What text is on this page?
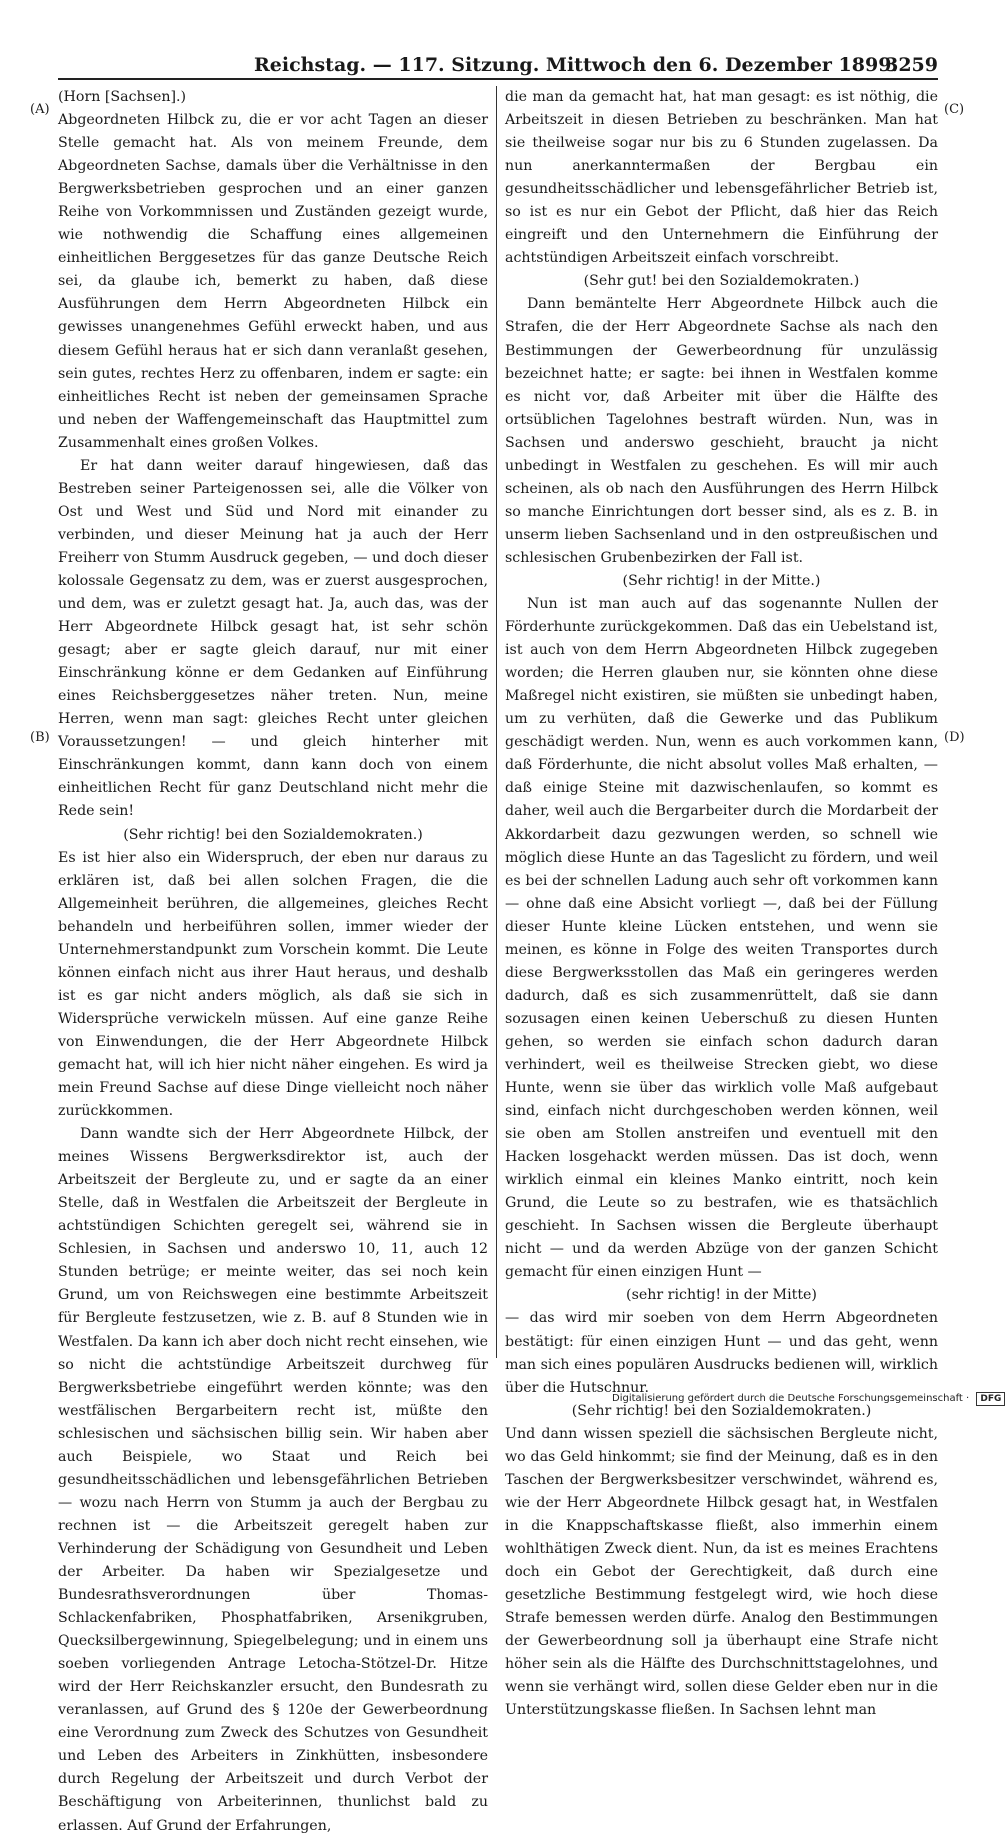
Reichstag. — 117. Sitzung. Mittwoch den 6. Dezember 1899.
3259
(A)
(B)
(C)
(D)

(Horn [Sachsen].)

Abgeordneten Hilbck zu, die er vor acht Tagen an dieser Stelle gemacht hat. Als von meinem Freunde, dem Abgeordneten Sachse, damals über die Verhältnisse in den Bergwerksbetrieben gesprochen und an einer ganzen Reihe von Vorkommnissen und Zuständen gezeigt wurde, wie nothwendig die Schaffung eines allgemeinen einheitlichen Berggesetzes für das ganze Deutsche Reich sei, da glaube ich, bemerkt zu haben, daß diese Ausführungen dem Herrn Abgeordneten Hilbck ein gewisses unangenehmes Gefühl erweckt haben, und aus diesem Gefühl heraus hat er sich dann veranlaßt gesehen, sein gutes, rechtes Herz zu offenbaren, indem er sagte: ein einheitliches Recht ist neben der gemeinsamen Sprache und neben der Waffengemeinschaft das Hauptmittel zum Zusammenhalt eines großen Volkes.

Er hat dann weiter darauf hingewiesen, daß das Bestreben seiner Parteigenossen sei, alle die Völker von Ost und West und Süd und Nord mit einander zu verbinden, und dieser Meinung hat ja auch der Herr Freiherr von Stumm Ausdruck gegeben, — und doch dieser kolossale Gegensatz zu dem, was er zuerst ausgesprochen, und dem, was er zuletzt gesagt hat. Ja, auch das, was der Herr Abgeordnete Hilbck gesagt hat, ist sehr schön gesagt; aber er sagte gleich darauf, nur mit einer Einschränkung könne er dem Gedanken auf Einführung eines Reichsberggesetzes näher treten. Nun, meine Herren, wenn man sagt: gleiches Recht unter gleichen Voraussetzungen! — und gleich hinterher mit Einschränkungen kommt, dann kann doch von einem einheitlichen Recht für ganz Deutschland nicht mehr die Rede sein!

(Sehr richtig! bei den Sozialdemokraten.)

Es ist hier also ein Widerspruch, der eben nur daraus zu erklären ist, daß bei allen solchen Fragen, die die Allgemeinheit berühren, die allgemeines, gleiches Recht behandeln und herbeiführen sollen, immer wieder der Unternehmerstandpunkt zum Vorschein kommt. Die Leute können einfach nicht aus ihrer Haut heraus, und deshalb ist es gar nicht anders möglich, als daß sie sich in Widersprüche verwickeln müssen. Auf eine ganze Reihe von Einwendungen, die der Herr Abgeordnete Hilbck gemacht hat, will ich hier nicht näher eingehen. Es wird ja mein Freund Sachse auf diese Dinge vielleicht noch näher zurückkommen.

Dann wandte sich der Herr Abgeordnete Hilbck, der meines Wissens Bergwerksdirektor ist, auch der Arbeitszeit der Bergleute zu, und er sagte da an einer Stelle, daß in Westfalen die Arbeitszeit der Bergleute in achtstündigen Schichten geregelt sei, während sie in Schlesien, in Sachsen und anderswo 10, 11, auch 12 Stunden betrüge; er meinte weiter, das sei noch kein Grund, um von Reichswegen eine bestimmte Arbeitszeit für Bergleute festzusetzen, wie z. B. auf 8 Stunden wie in Westfalen. Da kann ich aber doch nicht recht einsehen, wie so nicht die achtstündige Arbeitszeit durchweg für Bergwerksbetriebe eingeführt werden könnte; was den westfälischen Bergarbeitern recht ist, müßte den schlesischen und sächsischen billig sein. Wir haben aber auch Beispiele, wo Staat und Reich bei gesundheitsschädlichen und lebensgefährlichen Betrieben — wozu nach Herrn von Stumm ja auch der Bergbau zu rechnen ist — die Arbeitszeit geregelt haben zur Verhinderung der Schädigung von Gesundheit und Leben der Arbeiter. Da haben wir Spezialgesetze und Bundesrathsverordnungen über Thomas-Schlackenfabriken, Phosphatfabriken, Arsenikgruben, Quecksilbergewinnung, Spiegelbelegung; und in einem uns soeben vorliegenden Antrage Letocha-Stötzel-Dr. Hitze wird der Herr Reichskanzler ersucht, den Bundesrath zu veranlassen, auf Grund des § 120e der Gewerbeordnung eine Verordnung zum Zweck des Schutzes von Gesundheit und Leben des Arbeiters in Zinkhütten, insbesondere durch Regelung der Arbeitszeit und durch Verbot der Beschäftigung von Arbeiterinnen, thunlichst bald zu erlassen. Auf Grund der Erfahrungen,

die man da gemacht hat, hat man gesagt: es ist nöthig, die Arbeitszeit in diesen Betrieben zu beschränken. Man hat sie theilweise sogar nur bis zu 6 Stunden zugelassen. Da nun anerkanntermaßen der Bergbau ein gesundheitsschädlicher und lebensgefährlicher Betrieb ist, so ist es nur ein Gebot der Pflicht, daß hier das Reich eingreift und den Unternehmern die Einführung der achtstündigen Arbeitszeit einfach vorschreibt.

(Sehr gut! bei den Sozialdemokraten.)

Dann bemäntelte Herr Abgeordnete Hilbck auch die Strafen, die der Herr Abgeordnete Sachse als nach den Bestimmungen der Gewerbeordnung für unzulässig bezeichnet hatte; er sagte: bei ihnen in Westfalen komme es nicht vor, daß Arbeiter mit über die Hälfte des ortsüblichen Tagelohnes bestraft würden. Nun, was in Sachsen und anderswo geschieht, braucht ja nicht unbedingt in Westfalen zu geschehen. Es will mir auch scheinen, als ob nach den Ausführungen des Herrn Hilbck so manche Einrichtungen dort besser sind, als es z. B. in unserm lieben Sachsenland und in den ostpreußischen und schlesischen Grubenbezirken der Fall ist.

(Sehr richtig! in der Mitte.)

Nun ist man auch auf das sogenannte Nullen der Förderhunte zurückgekommen. Daß das ein Uebelstand ist, ist auch von dem Herrn Abgeordneten Hilbck zugegeben worden; die Herren glauben nur, sie könnten ohne diese Maßregel nicht existiren, sie müßten sie unbedingt haben, um zu verhüten, daß die Gewerke und das Publikum geschädigt werden. Nun, wenn es auch vorkommen kann, daß Förderhunte, die nicht absolut volles Maß erhalten, — daß einige Steine mit dazwischenlaufen, so kommt es daher, weil auch die Bergarbeiter durch die Mordarbeit der Akkordarbeit dazu gezwungen werden, so schnell wie möglich diese Hunte an das Tageslicht zu fördern, und weil es bei der schnellen Ladung auch sehr oft vorkommen kann — ohne daß eine Absicht vorliegt —, daß bei der Füllung dieser Hunte kleine Lücken entstehen, und wenn sie meinen, es könne in Folge des weiten Transportes durch diese Bergwerksstollen das Maß ein geringeres werden dadurch, daß es sich zusammenrüttelt, daß sie dann sozusagen einen keinen Ueberschuß zu diesen Hunten gehen, so werden sie einfach schon dadurch daran verhindert, weil es theilweise Strecken giebt, wo diese Hunte, wenn sie über das wirklich volle Maß aufgebaut sind, einfach nicht durchgeschoben werden können, weil sie oben am Stollen anstreifen und eventuell mit den Hacken losgehackt werden müssen. Das ist doch, wenn wirklich einmal ein kleines Manko eintritt, noch kein Grund, die Leute so zu bestrafen, wie es thatsächlich geschieht. In Sachsen wissen die Bergleute überhaupt nicht — und da werden Abzüge von der ganzen Schicht gemacht für einen einzigen Hunt —

(sehr richtig! in der Mitte)

— das wird mir soeben von dem Herrn Abgeordneten bestätigt: für einen einzigen Hunt — und das geht, wenn man sich eines populären Ausdrucks bedienen will, wirklich über die Hutschnur.

(Sehr richtig! bei den Sozialdemokraten.)

Und dann wissen speziell die sächsischen Bergleute nicht, wo das Geld hinkommt; sie find der Meinung, daß es in den Taschen der Bergwerksbesitzer verschwindet, während es, wie der Herr Abgeordnete Hilbck gesagt hat, in Westfalen in die Knappschaftskasse fließt, also immerhin einem wohlthätigen Zweck dient. Nun, da ist es meines Erachtens doch ein Gebot der Gerechtigkeit, daß durch eine gesetzliche Bestimmung festgelegt wird, wie hoch diese Strafe bemessen werden dürfe. Analog den Bestimmungen der Gewerbeordnung soll ja überhaupt eine Strafe nicht höher sein als die Hälfte des Durchschnittstagelohnes, und wenn sie verhängt wird, sollen diese Gelder eben nur in die Unterstützungskasse fließen. In Sachsen lehnt man

Digitalisierung gefördert durch die Deutsche Forschungsgemeinschaft · DFG
